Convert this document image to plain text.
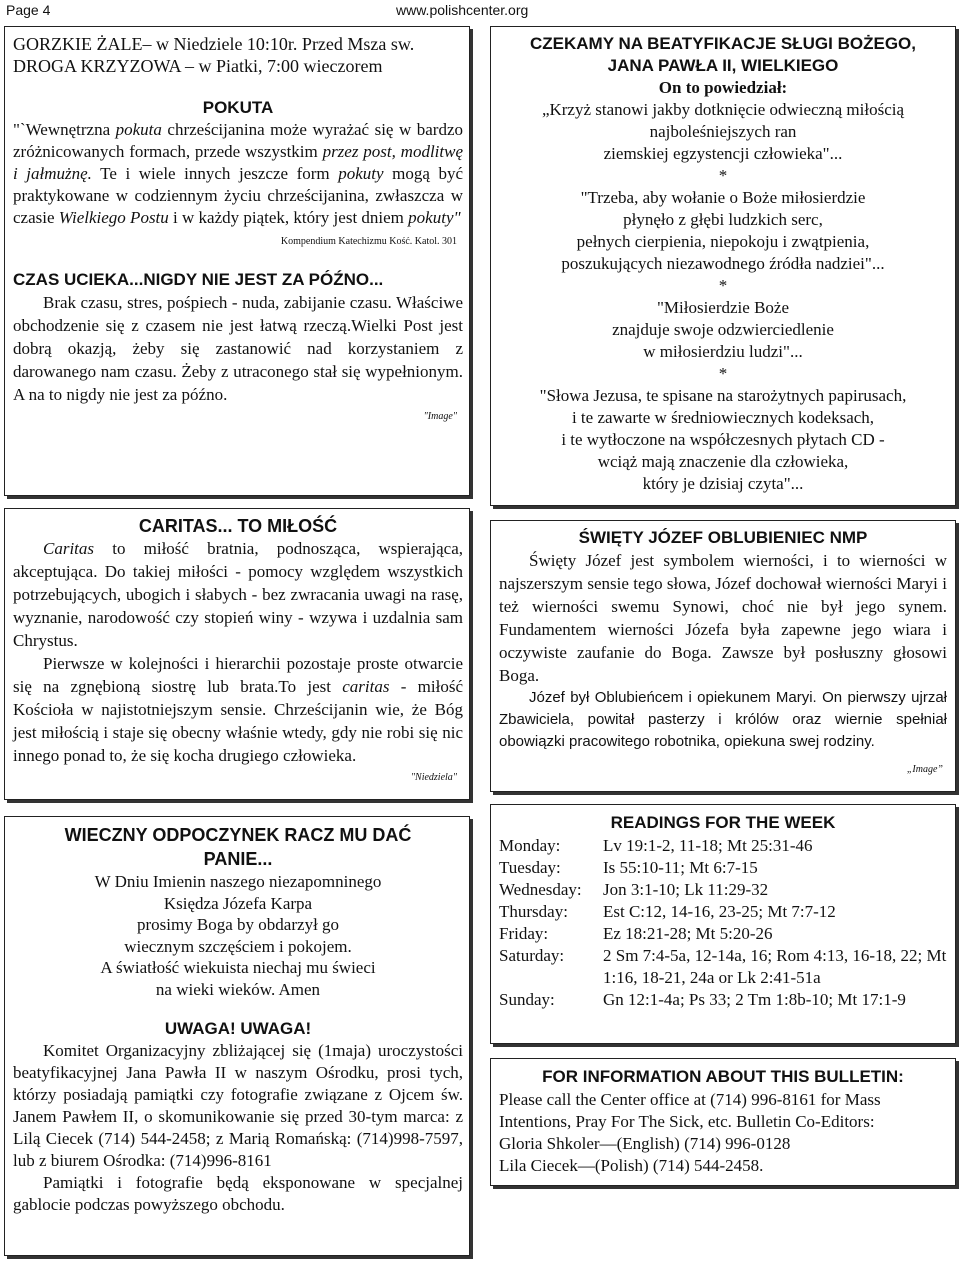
Page 4	www.polishcenter.org

GORZKIE ŻALE– w Niedziele 10:10r. Przed Msza sw.

DROGA KRZYZOWA – w Piatki, 7:00 wieczorem

POKUTA

"`Wewnętrzna pokuta chrześcijanina może wyrażać się w bardzo zróżnicowanych formach, przede wszystkim przez post, modlitwę i jałmużnę. Te i wiele innych jeszcze form pokuty mogą być praktykowane w codziennym życiu chrześcijanina, zwłaszcza w czasie Wielkiego Postu i w każdy piątek, który jest dniem pokuty"

Kompendium Katechizmu Kość. Katol. 301

CZAS UCIEKA...NIGDY NIE JEST ZA PÓŹNO...

Brak czasu, stres, pośpiech - nuda, zabijanie czasu. Właściwe obchodzenie się z czasem nie jest łatwą rzeczą.Wielki Post jest dobrą okazją, żeby się zastanowić nad korzystaniem z darowanego nam czasu. Żeby z utraconego stał się wypełnionym. A na to nigdy nie jest za późno.

"Image"

CARITAS... TO MIŁOŚĆ

Caritas to miłość bratnia, podnosząca, wspierająca, akceptująca. Do takiej miłości - pomocy względem wszystkich potrzebujących, ubogich i słabych - bez zwracania uwagi na rasę, wyznanie, narodowość czy stopień winy - wzywa i uzdalnia sam Chrystus.

Pierwsze w kolejności i hierarchii pozostaje proste otwarcie się na zgnębioną siostrę lub brata.To jest caritas - miłość Kościoła w najistotniejszym sensie. Chrześcijanin wie, że Bóg jest miłością i staje się obecny właśnie wtedy, gdy nie robi się nic innego ponad to, że się kocha drugiego człowieka.

"Niedziela"

WIECZNY ODPOCZYNEK RACZ MU DAĆ PANIE...

W Dniu Imienin naszego niezapomninego

Księdza Józefa Karpa

prosimy Boga by obdarzył go

wiecznym szczęściem i pokojem.

A światłość wiekuista niechaj mu świeci

na wieki wieków. Amen

UWAGA! UWAGA!

Komitet Organizacyjny zbliżającej się (1maja) uroczystości beatyfikacyjnej Jana Pawła II w naszym Ośrodku, prosi tych, którzy posiadają pamiątki czy fotografie związane z Ojcem św. Janem Pawłem II, o skomunikowanie się przed 30-tym marca: z Lilą Ciecek (714) 544-2458; z Marią Romańską: (714)998-7597, lub z biurem Ośrodka: (714)996-8161

Pamiątki i fotografie będą eksponowane w specjalnej gablocie podczas powyższego obchodu.

CZEKAMY NA BEATYFIKACJE SŁUGI BOŻEGO,

JANA PAWŁA II, WIELKIEGO

On to powiedział:

„Krzyż stanowi jakby dotknięcie odwieczną miłością

najboleśniejszych ran

ziemskiej egzystencji człowieka"...

*

"Trzeba, aby wołanie o Boże miłosierdzie

płynęło z głębi ludzkich serc,

pełnych cierpienia, niepokoju i zwątpienia,

poszukujących niezawodnego źródła nadziei"...

*

"Miłosierdzie Boże

znajduje swoje odzwierciedlenie

w miłosierdziu ludzi"...

*

"Słowa Jezusa, te spisane na starożytnych papirusach,

i te zawarte w średniowiecznych kodeksach,

i te wytłoczone na współczesnych płytach CD -

wciąż mają znaczenie dla człowieka,

który je dzisiaj czyta"...

ŚWIĘTY JÓZEF OBLUBIENIEC NMP

Święty Józef jest symbolem wierności, i to wierności w najszerszym sensie tego słowa, Józef dochował wierności Maryi i też wierności swemu Synowi, choć nie był jego synem. Fundamentem wierności Józefa była zapewne jego wiara i oczywiste zaufanie do Boga. Zawsze był posłuszny głosowi Boga.

Józef był Oblubieńcem i opiekunem Maryi. On pierwszy ujrzał Zbawiciela, powitał pasterzy i królów oraz wiernie spełniał obowiązki pracowitego robotnika, opiekuna swej rodziny.

„Image”

READINGS FOR THE WEEK

Monday:	Lv 19:1-2, 11-18; Mt 25:31-46
Tuesday:	Is 55:10-11; Mt 6:7-15
Wednesday:	Jon 3:1-10; Lk 11:29-32
Thursday:	Est C:12, 14-16, 23-25; Mt 7:7-12
Friday:	Ez 18:21-28; Mt 5:20-26
Saturday:	2 Sm 7:4-5a, 12-14a, 16; Rom 4:13, 16-18, 22; Mt 1:16, 18-21, 24a or Lk 2:41-51a
Sunday:	Gn 12:1-4a; Ps 33; 2 Tm 1:8b-10; Mt 17:1-9

FOR INFORMATION ABOUT THIS BULLETIN:

Please call the Center office at (714) 996-8161 for Mass Intentions, Pray For The Sick, etc. Bulletin Co-Editors:

Gloria Shkoler—(English) (714) 996-0128

Lila Ciecek—(Polish) (714) 544-2458.
